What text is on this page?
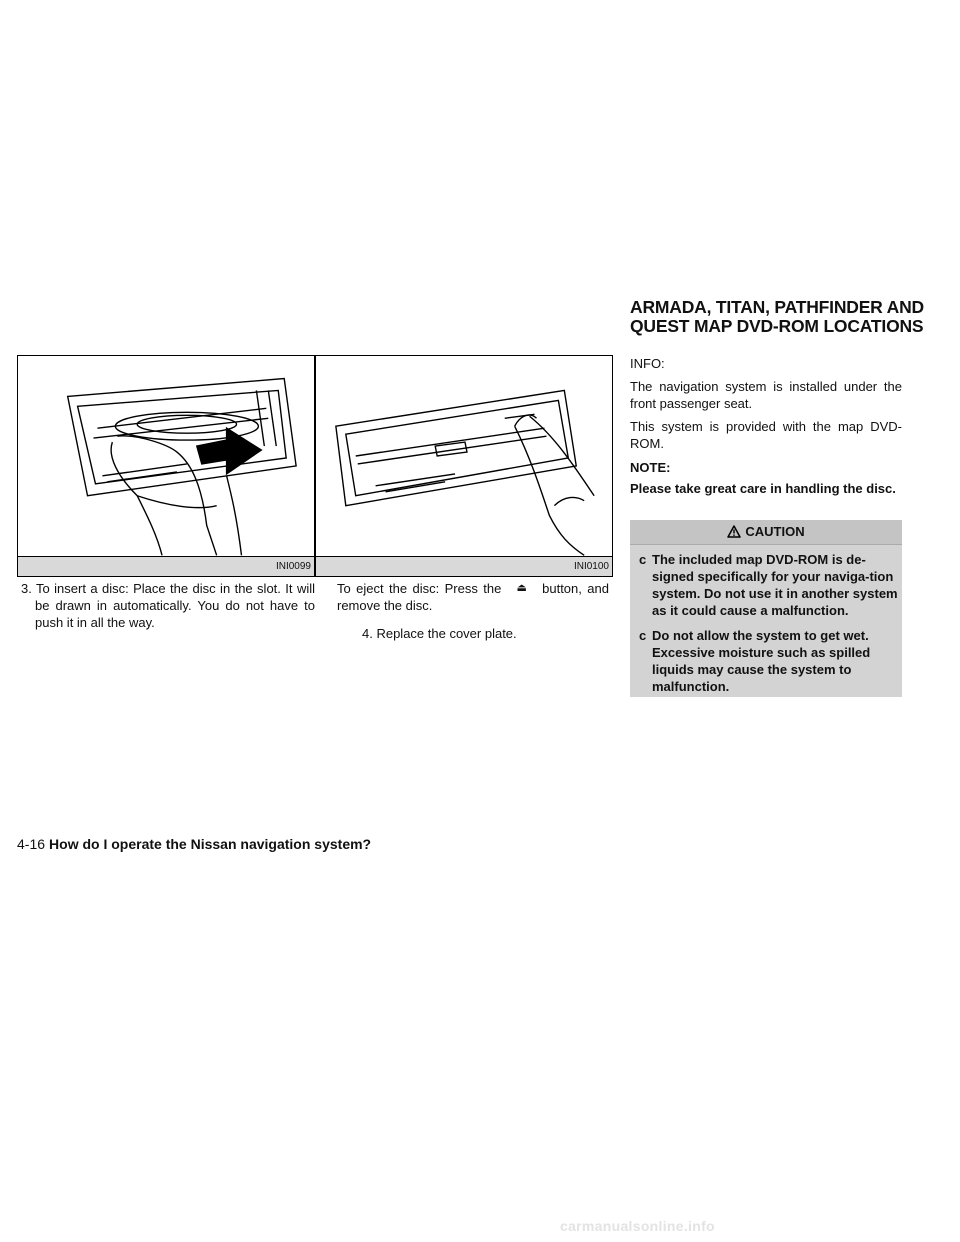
ARMADA, TITAN, PATHFINDER AND
QUEST MAP DVD-ROM LOCATIONS
INI0099	INI0100
3. To insert a disc: Place the disc in the slot. It will be drawn in automatically. You do not have to push it in all the way.
To eject the disc: Press the ⏏ button, and remove the disc.
4. Replace the cover plate.
INFO:
The navigation system is installed under the front passenger seat.
This system is provided with the map DVD-ROM.
NOTE:
Please take great care in handling the disc.
CAUTION
c The included map DVD-ROM is de-signed specifically for your naviga-tion system. Do not use it in another system as it could cause a malfunction.
c Do not allow the system to get wet. Excessive moisture such as spilled liquids may cause the system to malfunction.
4-16 How do I operate the Nissan navigation system?
carmanualsonline.info
